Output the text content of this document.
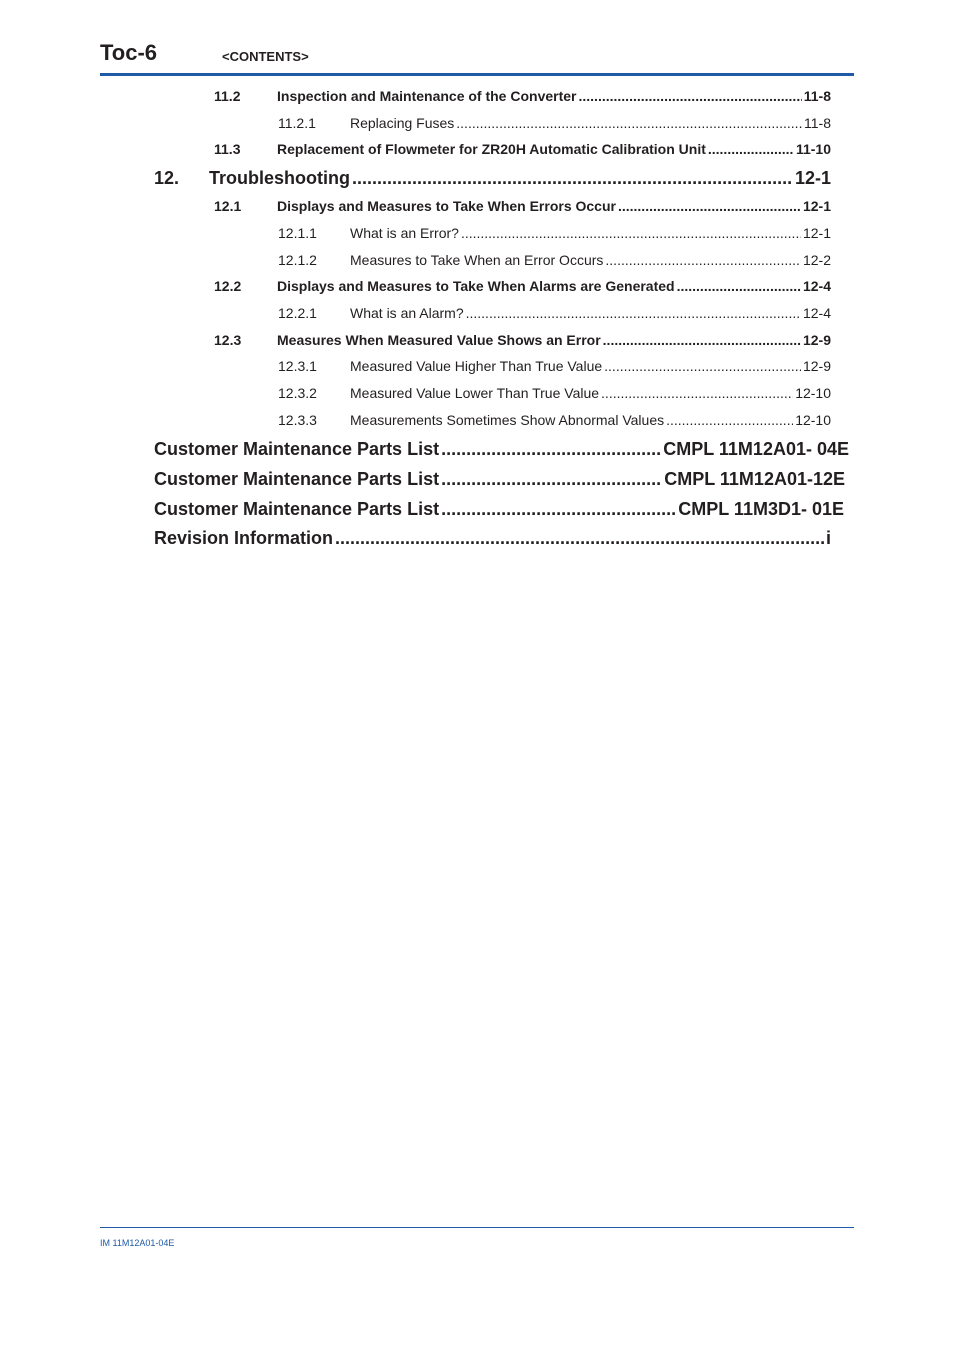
Toc-6	<CONTENTS>
11.2	Inspection and Maintenance of the Converter .....	11-8
11.2.1	Replacing Fuses .....	11-8
11.3	Replacement of Flowmeter for ZR20H Automatic Calibration Unit .....	11-10
12.	Troubleshooting .....	12-1
12.1	Displays and Measures to Take When Errors Occur .....	12-1
12.1.1	What is an Error? .....	12-1
12.1.2	Measures to Take When an Error Occurs .....	12-2
12.2	Displays and Measures to Take When Alarms are Generated .....	12-4
12.2.1	What is an Alarm? .....	12-4
12.3	Measures When Measured Value Shows an Error .....	12-9
12.3.1	Measured Value Higher Than True Value .....	12-9
12.3.2	Measured Value Lower Than True Value .....	12-10
12.3.3	Measurements Sometimes Show Abnormal Values .....	12-10
Customer Maintenance Parts List .....	CMPL 11M12A01- 04E
Customer Maintenance Parts List .....	CMPL 11M12A01-12E
Customer Maintenance Parts List .....	CMPL 11M3D1- 01E
Revision Information .....	i
IM 11M12A01-04E
